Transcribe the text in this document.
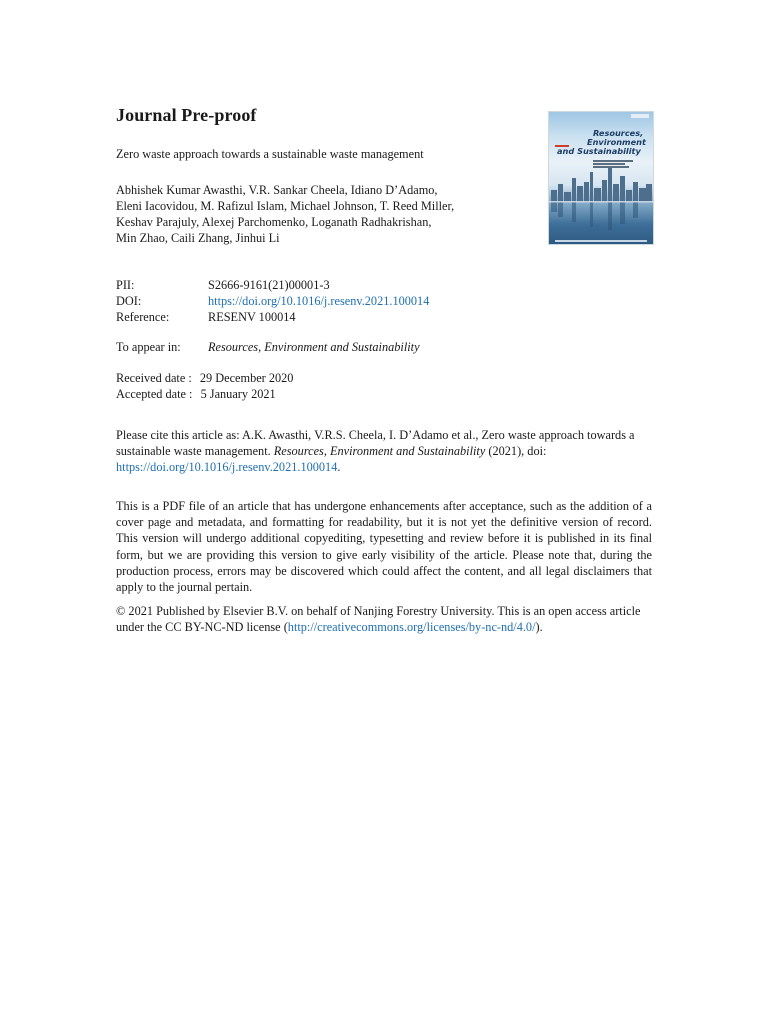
Journal Pre-proof
Zero waste approach towards a sustainable waste management
Abhishek Kumar Awasthi, V.R. Sankar Cheela, Idiano D’Adamo,
Eleni Iacovidou, M. Rafizul Islam, Michael Johnson, T. Reed Miller,
Keshav Parajuly, Alexej Parchomenko, Loganath Radhakrishan,
Min Zhao, Caili Zhang, Jinhui Li
Resources,
Environment
and Sustainability
PII:	S2666-9161(21)00001-3
DOI:	https://doi.org/10.1016/j.resenv.2021.100014
Reference:	RESENV 100014
To appear in: Resources, Environment and Sustainability
Received date : 29 December 2020
Accepted date : 5 January 2021
Please cite this article as: A.K. Awasthi, V.R.S. Cheela, I. D’Adamo et al., Zero waste approach towards a sustainable waste management. Resources, Environment and Sustainability (2021), doi: https://doi.org/10.1016/j.resenv.2021.100014.
This is a PDF file of an article that has undergone enhancements after acceptance, such as the addition of a cover page and metadata, and formatting for readability, but it is not yet the definitive version of record. This version will undergo additional copyediting, typesetting and review before it is published in its final form, but we are providing this version to give early visibility of the article. Please note that, during the production process, errors may be discovered which could affect the content, and all legal disclaimers that apply to the journal pertain.
© 2021 Published by Elsevier B.V. on behalf of Nanjing Forestry University. This is an open access article under the CC BY-NC-ND license (http://creativecommons.org/licenses/by-nc-nd/4.0/).
